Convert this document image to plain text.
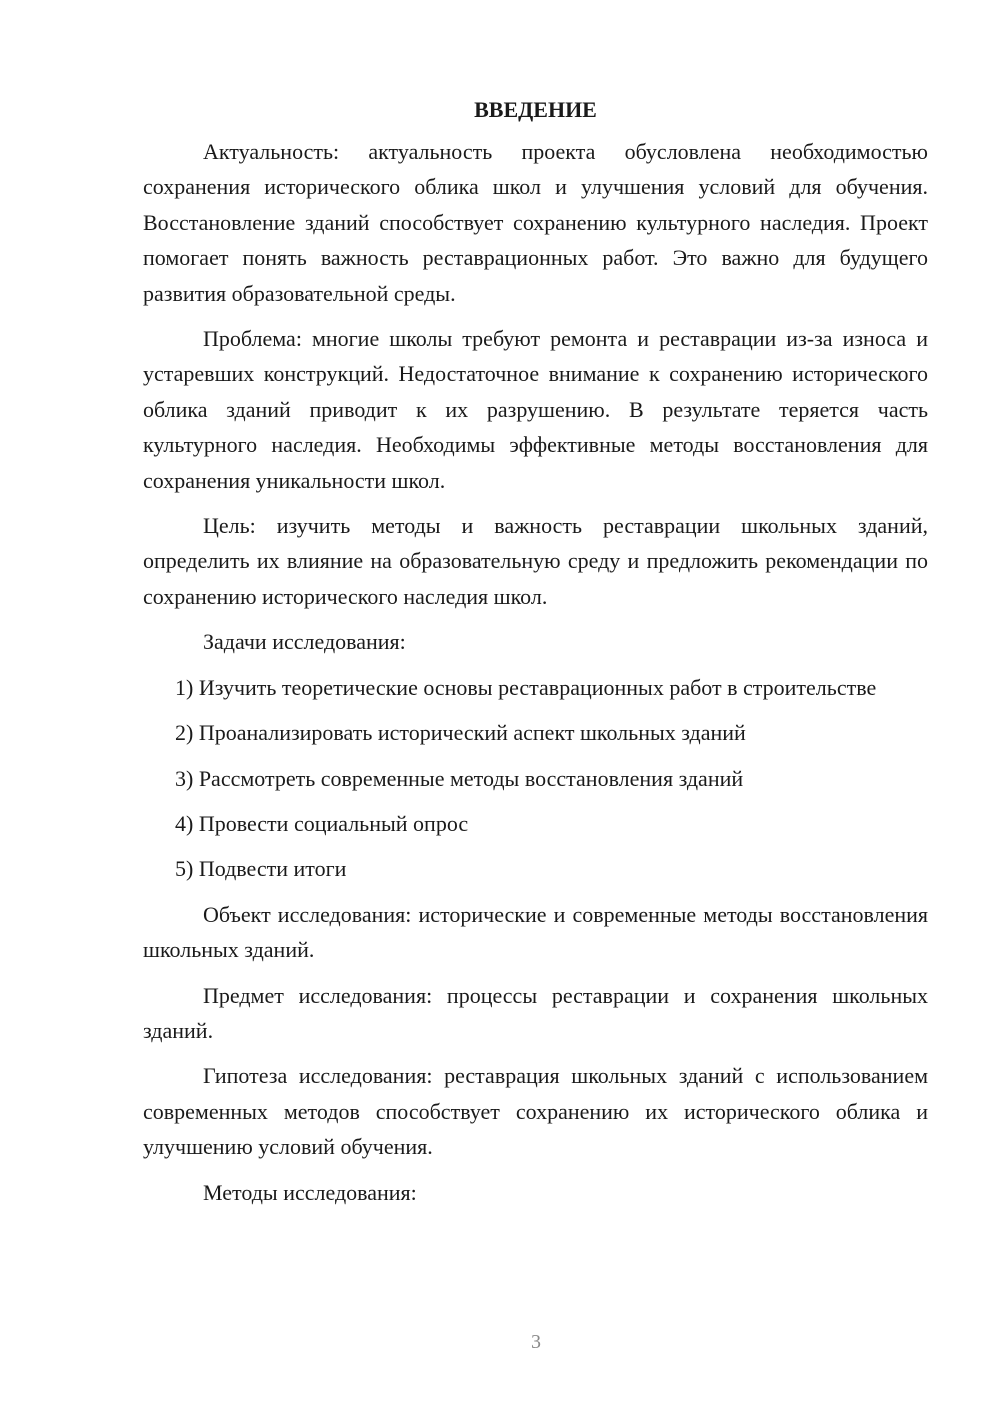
ВВЕДЕНИЕ

Актуальность: актуальность проекта обусловлена необходимостью сохранения исторического облика школ и улучшения условий для обучения. Восстановление зданий способствует сохранению культурного наследия. Проект помогает понять важность реставрационных работ. Это важно для будущего развития образовательной среды.

Проблема: многие школы требуют ремонта и реставрации из-за износа и устаревших конструкций. Недостаточное внимание к сохранению исторического облика зданий приводит к их разрушению. В результате теряется часть культурного наследия. Необходимы эффективные методы восстановления для сохранения уникальности школ.

Цель: изучить методы и важность реставрации школьных зданий, определить их влияние на образовательную среду и предложить рекомендации по сохранению исторического наследия школ.

Задачи исследования:

1) Изучить теоретические основы реставрационных работ в строительстве

2) Проанализировать исторический аспект школьных зданий

3) Рассмотреть современные методы восстановления зданий

4) Провести социальный опрос

5) Подвести итоги

Объект исследования: исторические и современные методы восстановления школьных зданий.

Предмет исследования: процессы реставрации и сохранения школьных зданий.

Гипотеза исследования: реставрация школьных зданий с использованием современных методов способствует сохранению их исторического облика и улучшению условий обучения.

Методы исследования:

3
